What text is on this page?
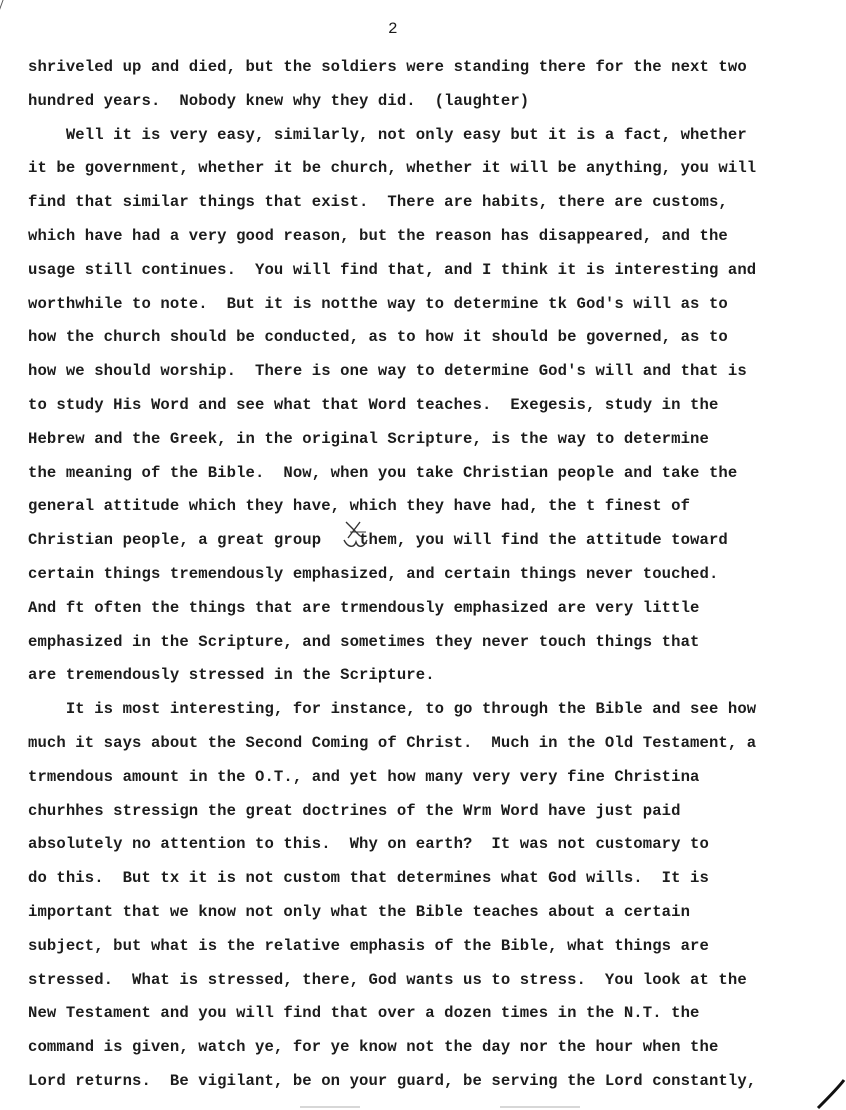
2
shriveled up and died, but the soldiers were standing there for the next two
hundred years.  Nobody knew why they did.  (laughter)
Well it is very easy, similarly, not only easy but it is a fact, whether
it be government, whether it be church, whether it will be anything, you will
find that similar things that exist.  There are habits, there are customs,
which have had a very good reason, but the reason has disappeared, and the
usage still continues.  You will find that, and I think it is interesting and
worthwhile to note.  But it is notthe way to determine tk God's will as to
how the church should be conducted, as to how it should be governed, as to
how we should worship.  There is one way to determine God's will and that is
to study His Word and see what that Word teaches.  Exegesis, study in the
Hebrew and the Greek, in the original Scripture, is the way to determine
the meaning of the Bible.  Now, when you take Christian people and take the
general attitude which they have, which they have had, the t finest of
Christian people, a great group    them, you will find the attitude toward
certain things tremendously emphasized, and certain things never touched.
And ft often the things that are trmendously emphasized are very little
emphasized in the Scripture, and sometimes they never touch things that
are tremendously stressed in the Scripture.
It is most interesting, for instance, to go through the Bible and see how
much it says about the Second Coming of Christ.  Much in the Old Testament, a
trmendous amount in the O.T., and yet how many very very fine Christina
churhhes stressign the great doctrines of the Wrm Word have just paid
absolutely no attention to this.  Why on earth?  It was not customary to
do this.  But tx it is not custom that determines what God wills.  It is
important that we know not only what the Bible teaches about a certain
subject, but what is the relative emphasis of the Bible, what things are
stressed.  What is stressed, there, God wants us to stress.  You look at the
New Testament and you will find that over a dozen times in the N.T. the
command is given, watch ye, for ye know not the day nor the hour when the
Lord returns.  Be vigilant, be on your guard, be serving the Lord constantly,
